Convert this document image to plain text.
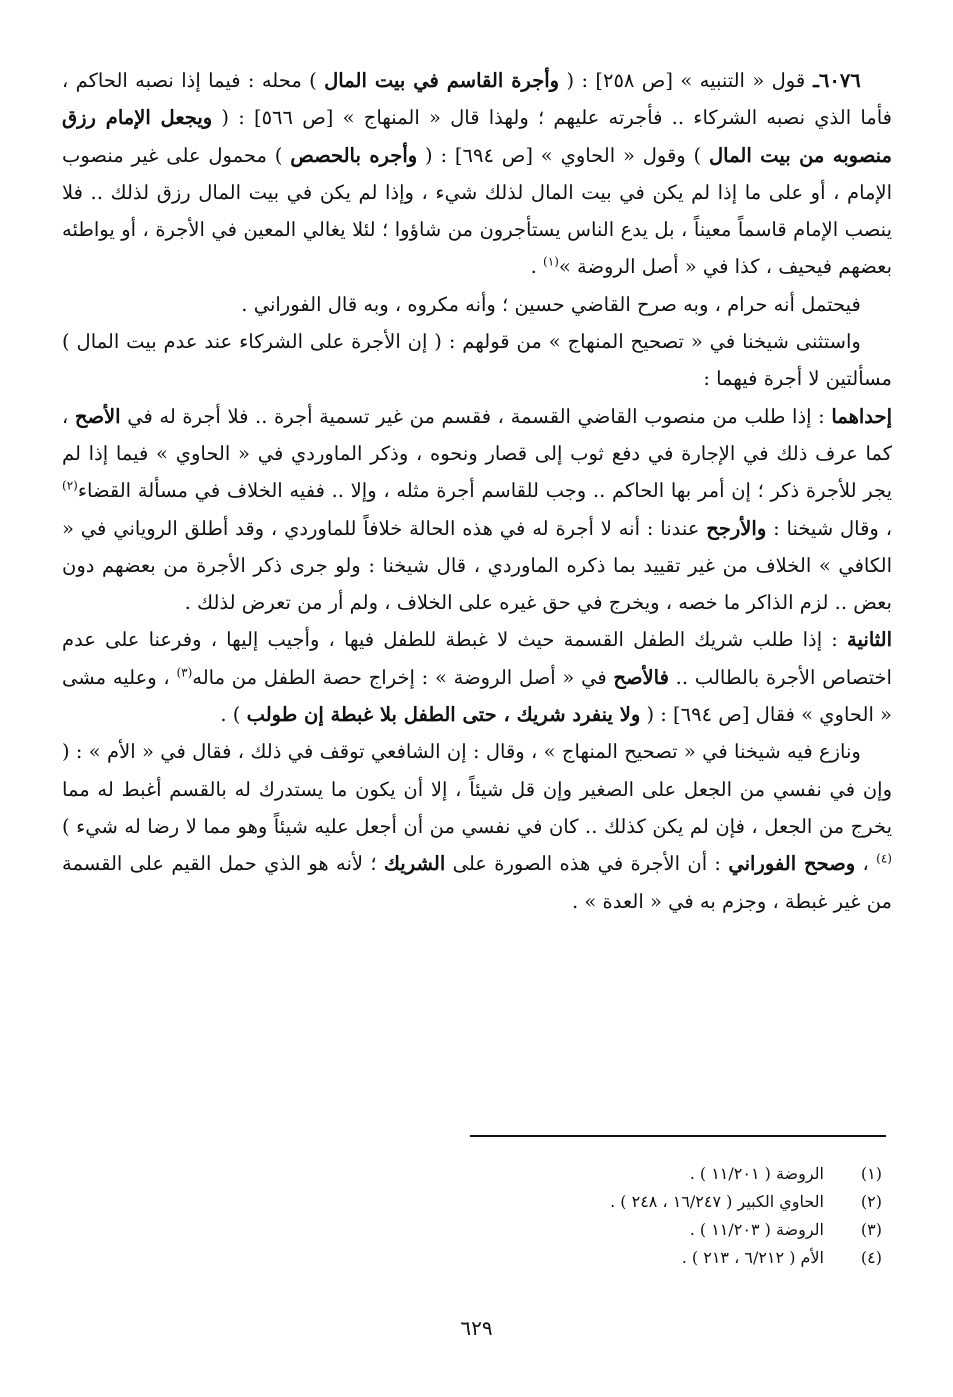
٦٠٧٦ـ قول « التنبيه » [ص ٢٥٨] : ( وأجرة القاسم في بيت المال ) محله : فيما إذا نصبه الحاكم ، فأما الذي نصبه الشركاء .. فأجرته عليهم ؛ ولهذا قال « المنهاج » [ص ٥٦٦] : ( ويجعل الإمام رزق منصوبه من بيت المال ) وقول « الحاوي » [ص ٦٩٤] : ( وأجره بالحصص ) محمول على غير منصوب الإمام ، أو على ما إذا لم يكن في بيت المال لذلك شيء ، وإذا لم يكن في بيت المال رزق لذلك .. فلا ينصب الإمام قاسماً معيناً ، بل يدع الناس يستأجرون من شاؤوا ؛ لئلا يغالي المعين في الأجرة ، أو يواطئه بعضهم فيحيف ، كذا في « أصل الروضة »$^{(١)}$ .

فيحتمل أنه حرام ، وبه صرح القاضي حسين ؛ وأنه مكروه ، وبه قال الفوراني .

واستثنى شيخنا في « تصحيح المنهاج » من قولهم : ( إن الأجرة على الشركاء عند عدم بيت المال ) مسألتين لا أجرة فيهما :

إحداهما : إذا طلب من منصوب القاضي القسمة ، فقسم من غير تسمية أجرة .. فلا أجرة له في الأصح ، كما عرف ذلك في الإجارة في دفع ثوب إلى قصار ونحوه ، وذكر الماوردي في « الحاوي » فيما إذا لم يجر للأجرة ذكر ؛ إن أمر بها الحاكم .. وجب للقاسم أجرة مثله ، وإلا .. ففيه الخلاف في مسألة القضاء$^{(٢)}$ ، وقال شيخنا : والأرجح عندنا : أنه لا أجرة له في هذه الحالة خلافاً للماوردي ، وقد أطلق الروياني في « الكافي » الخلاف من غير تقييد بما ذكره الماوردي ، قال شيخنا : ولو جرى ذكر الأجرة من بعضهم دون بعض .. لزم الذاكر ما خصه ، ويخرج في حق غيره على الخلاف ، ولم أر من تعرض لذلك .

الثانية : إذا طلب شريك الطفل القسمة حيث لا غبطة للطفل فيها ، وأجيب إليها ، وفرعنا على عدم اختصاص الأجرة بالطالب .. فالأصح في « أصل الروضة » : إخراج حصة الطفل من ماله$^{(٣)}$ ، وعليه مشى « الحاوي » فقال [ص ٦٩٤] : ( ولا ينفرد شريك ، حتى الطفل بلا غبطة إن طولب ) .

ونازع فيه شيخنا في « تصحيح المنهاج » ، وقال : إن الشافعي توقف في ذلك ، فقال في « الأم » : ( وإن في نفسي من الجعل على الصغير وإن قل شيئاً ، إلا أن يكون ما يستدرك له بالقسم أغبط له مما يخرج من الجعل ، فإن لم يكن كذلك .. كان في نفسي من أن أجعل عليه شيئاً وهو مما لا رضا له شيء )$^{(٤)}$ ، وصحح الفوراني : أن الأجرة في هذه الصورة على الشريك ؛ لأنه هو الذي حمل القيم على القسمة من غير غبطة ، وجزم به في « العدة » .

(١)
الروضة ( ١١/٢٠١ ) .
(٢)
الحاوي الكبير ( ١٦/٢٤٧ ، ٢٤٨ ) .
(٣)
الروضة ( ١١/٢٠٣ ) .
(٤)
الأم ( ٦/٢١٢ ، ٢١٣ ) .
٦٢٩
